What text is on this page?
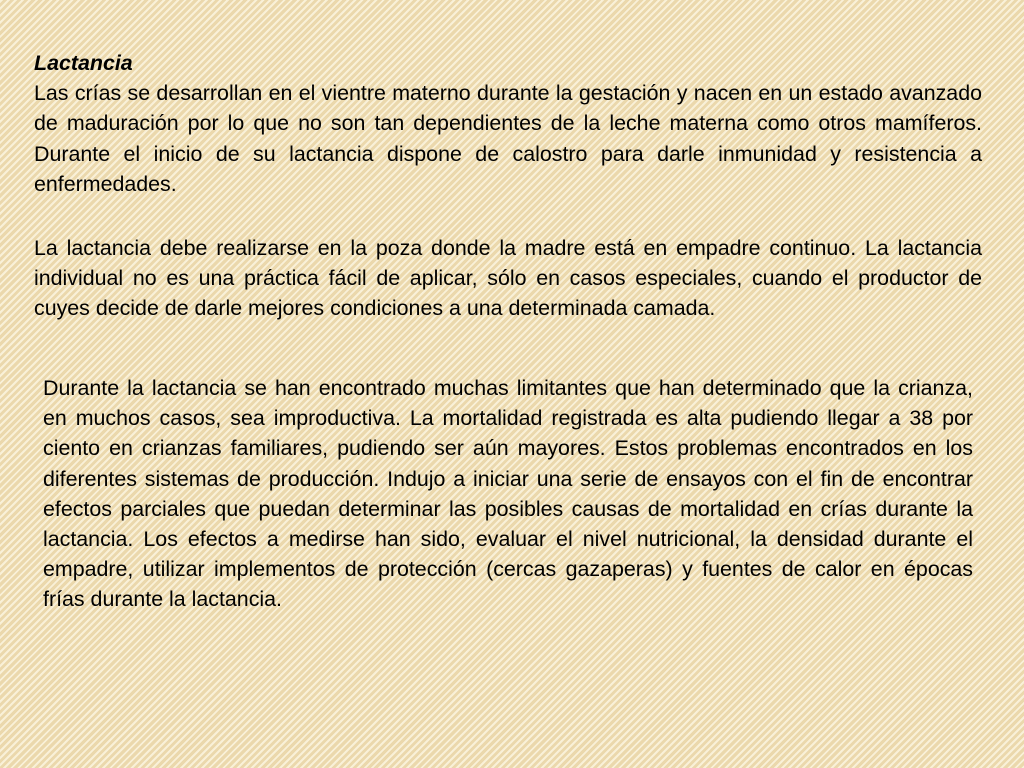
Lactancia
Las crías se desarrollan en el vientre materno durante la gestación y nacen en un estado avanzado de maduración por lo que no son tan dependientes de la leche materna como otros mamíferos. Durante el inicio de su lactancia dispone de calostro para darle inmunidad y resistencia a enfermedades.
La lactancia debe realizarse en la poza donde la madre está en empadre continuo. La lactancia individual no es una práctica fácil de aplicar, sólo en casos especiales, cuando el productor de cuyes decide de darle mejores condiciones a una determinada camada.
Durante la lactancia se han encontrado muchas limitantes que han determinado que la crianza, en muchos casos, sea improductiva. La mortalidad registrada es alta pudiendo llegar a 38 por ciento en crianzas familiares, pudiendo ser aún mayores. Estos problemas encontrados en los diferentes sistemas de producción. Indujo a iniciar una serie de ensayos con el fin de encontrar efectos parciales que puedan determinar las posibles causas de mortalidad en crías durante la lactancia. Los efectos a medirse han sido, evaluar el nivel nutricional, la densidad durante el empadre, utilizar implementos de protección (cercas gazaperas) y fuentes de calor en épocas frías durante la lactancia.
